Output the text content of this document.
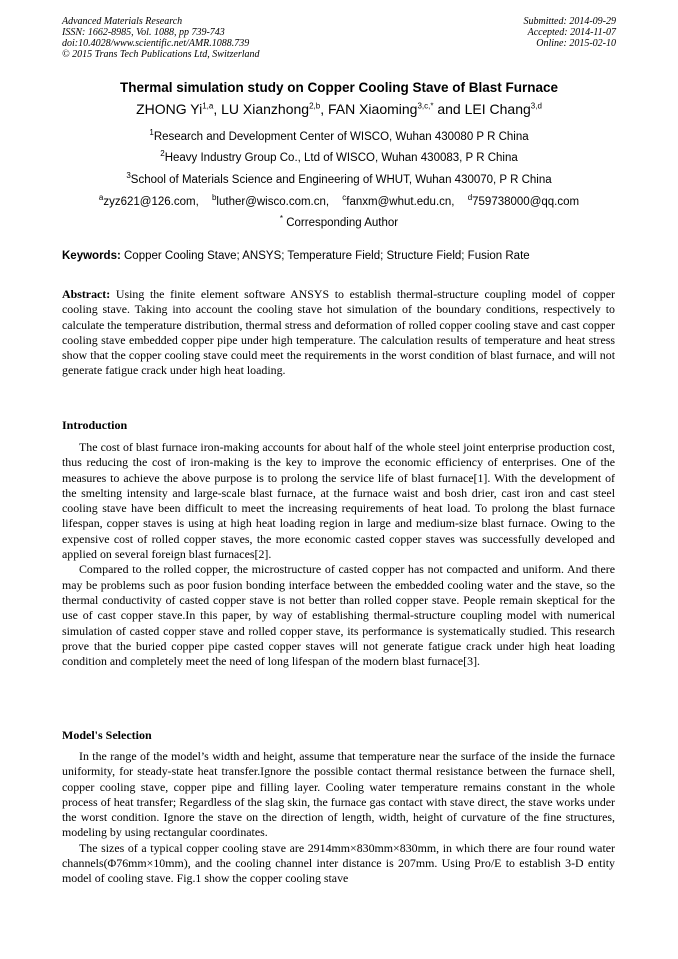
Advanced Materials Research
ISSN: 1662-8985, Vol. 1088, pp 739-743
doi:10.4028/www.scientific.net/AMR.1088.739
© 2015 Trans Tech Publications Ltd, Switzerland
Submitted: 2014-09-29
Accepted: 2014-11-07
Online: 2015-02-10
Thermal simulation study on Copper Cooling Stave of Blast Furnace
ZHONG Yi$^{1,a}$, LU Xianzhong$^{2,b}$, FAN Xiaoming$^{3,c,*}$ and LEI Chang$^{3,d}$
$^1$Research and Development Center of WISCO, Wuhan 430080 P R China
$^2$Heavy Industry Group Co., Ltd of WISCO, Wuhan 430083, P R China
$^3$School of Materials Science and Engineering of WHUT, Wuhan 430070, P R China
$^a$zyz621@126.com, $^b$luther@wisco.com.cn, $^c$fanxm@whut.edu.cn, $^d$759738000@qq.com
* Corresponding Author
Keywords: Copper Cooling Stave; ANSYS; Temperature Field; Structure Field; Fusion Rate

Abstract: Using the finite element software ANSYS to establish thermal-structure coupling model of copper cooling stave. Taking into account the cooling stave hot simulation of the boundary conditions, respectively to calculate the temperature distribution, thermal stress and deformation of rolled copper cooling stave and cast copper cooling stave embedded copper pipe under high temperature. The calculation results of temperature and heat stress show that the copper cooling stave could meet the requirements in the worst condition of blast furnace, and will not generate fatigue crack under high heat loading.

Introduction

The cost of blast furnace iron-making accounts for about half of the whole steel joint enterprise production cost, thus reducing the cost of iron-making is the key to improve the economic efficiency of enterprises. One of the measures to achieve the above purpose is to prolong the service life of blast furnace[1]. With the development of the smelting intensity and large-scale blast furnace, at the furnace waist and bosh drier, cast iron and cast steel cooling stave have been difficult to meet the increasing requirements of heat load. To prolong the blast furnace lifespan, copper staves is using at high heat loading region in large and medium-size blast furnace. Owing to the expensive cost of rolled copper staves, the more economic casted copper staves was successfully developed and applied on several foreign blast furnaces[2].

Compared to the rolled copper, the microstructure of casted copper has not compacted and uniform. And there may be problems such as poor fusion bonding interface between the embedded cooling water and the stave, so the thermal conductivity of casted copper stave is not better than rolled copper stave. People remain skeptical for the use of cast copper stave.In this paper, by way of establishing thermal-structure coupling model with numerical simulation of casted copper stave and rolled copper stave, its performance is systematically studied. This research prove that the buried copper pipe casted copper staves will not generate fatigue crack under high heat loading condition and completely meet the need of long lifespan of the modern blast furnace[3].

Model's Selection

In the range of the model’s width and height, assume that temperature near the surface of the inside the furnace uniformity, for steady-state heat transfer.Ignore the possible contact thermal resistance between the furnace shell, copper cooling stave, copper pipe and filling layer. Cooling water temperature remains constant in the whole process of heat transfer; Regardless of the slag skin, the furnace gas contact with stave direct, the stave works under the worst condition. Ignore the stave on the direction of length, width, height of curvature of the fine structures, modeling by using rectangular coordinates.

The sizes of a typical copper cooling stave are 2914mm×830mm×830mm, in which there are four round water channels(Φ76mm×10mm), and the cooling channel inter distance is 207mm. Using Pro/E to establish 3-D entity model of cooling stave. Fig.1 show the copper cooling stave
